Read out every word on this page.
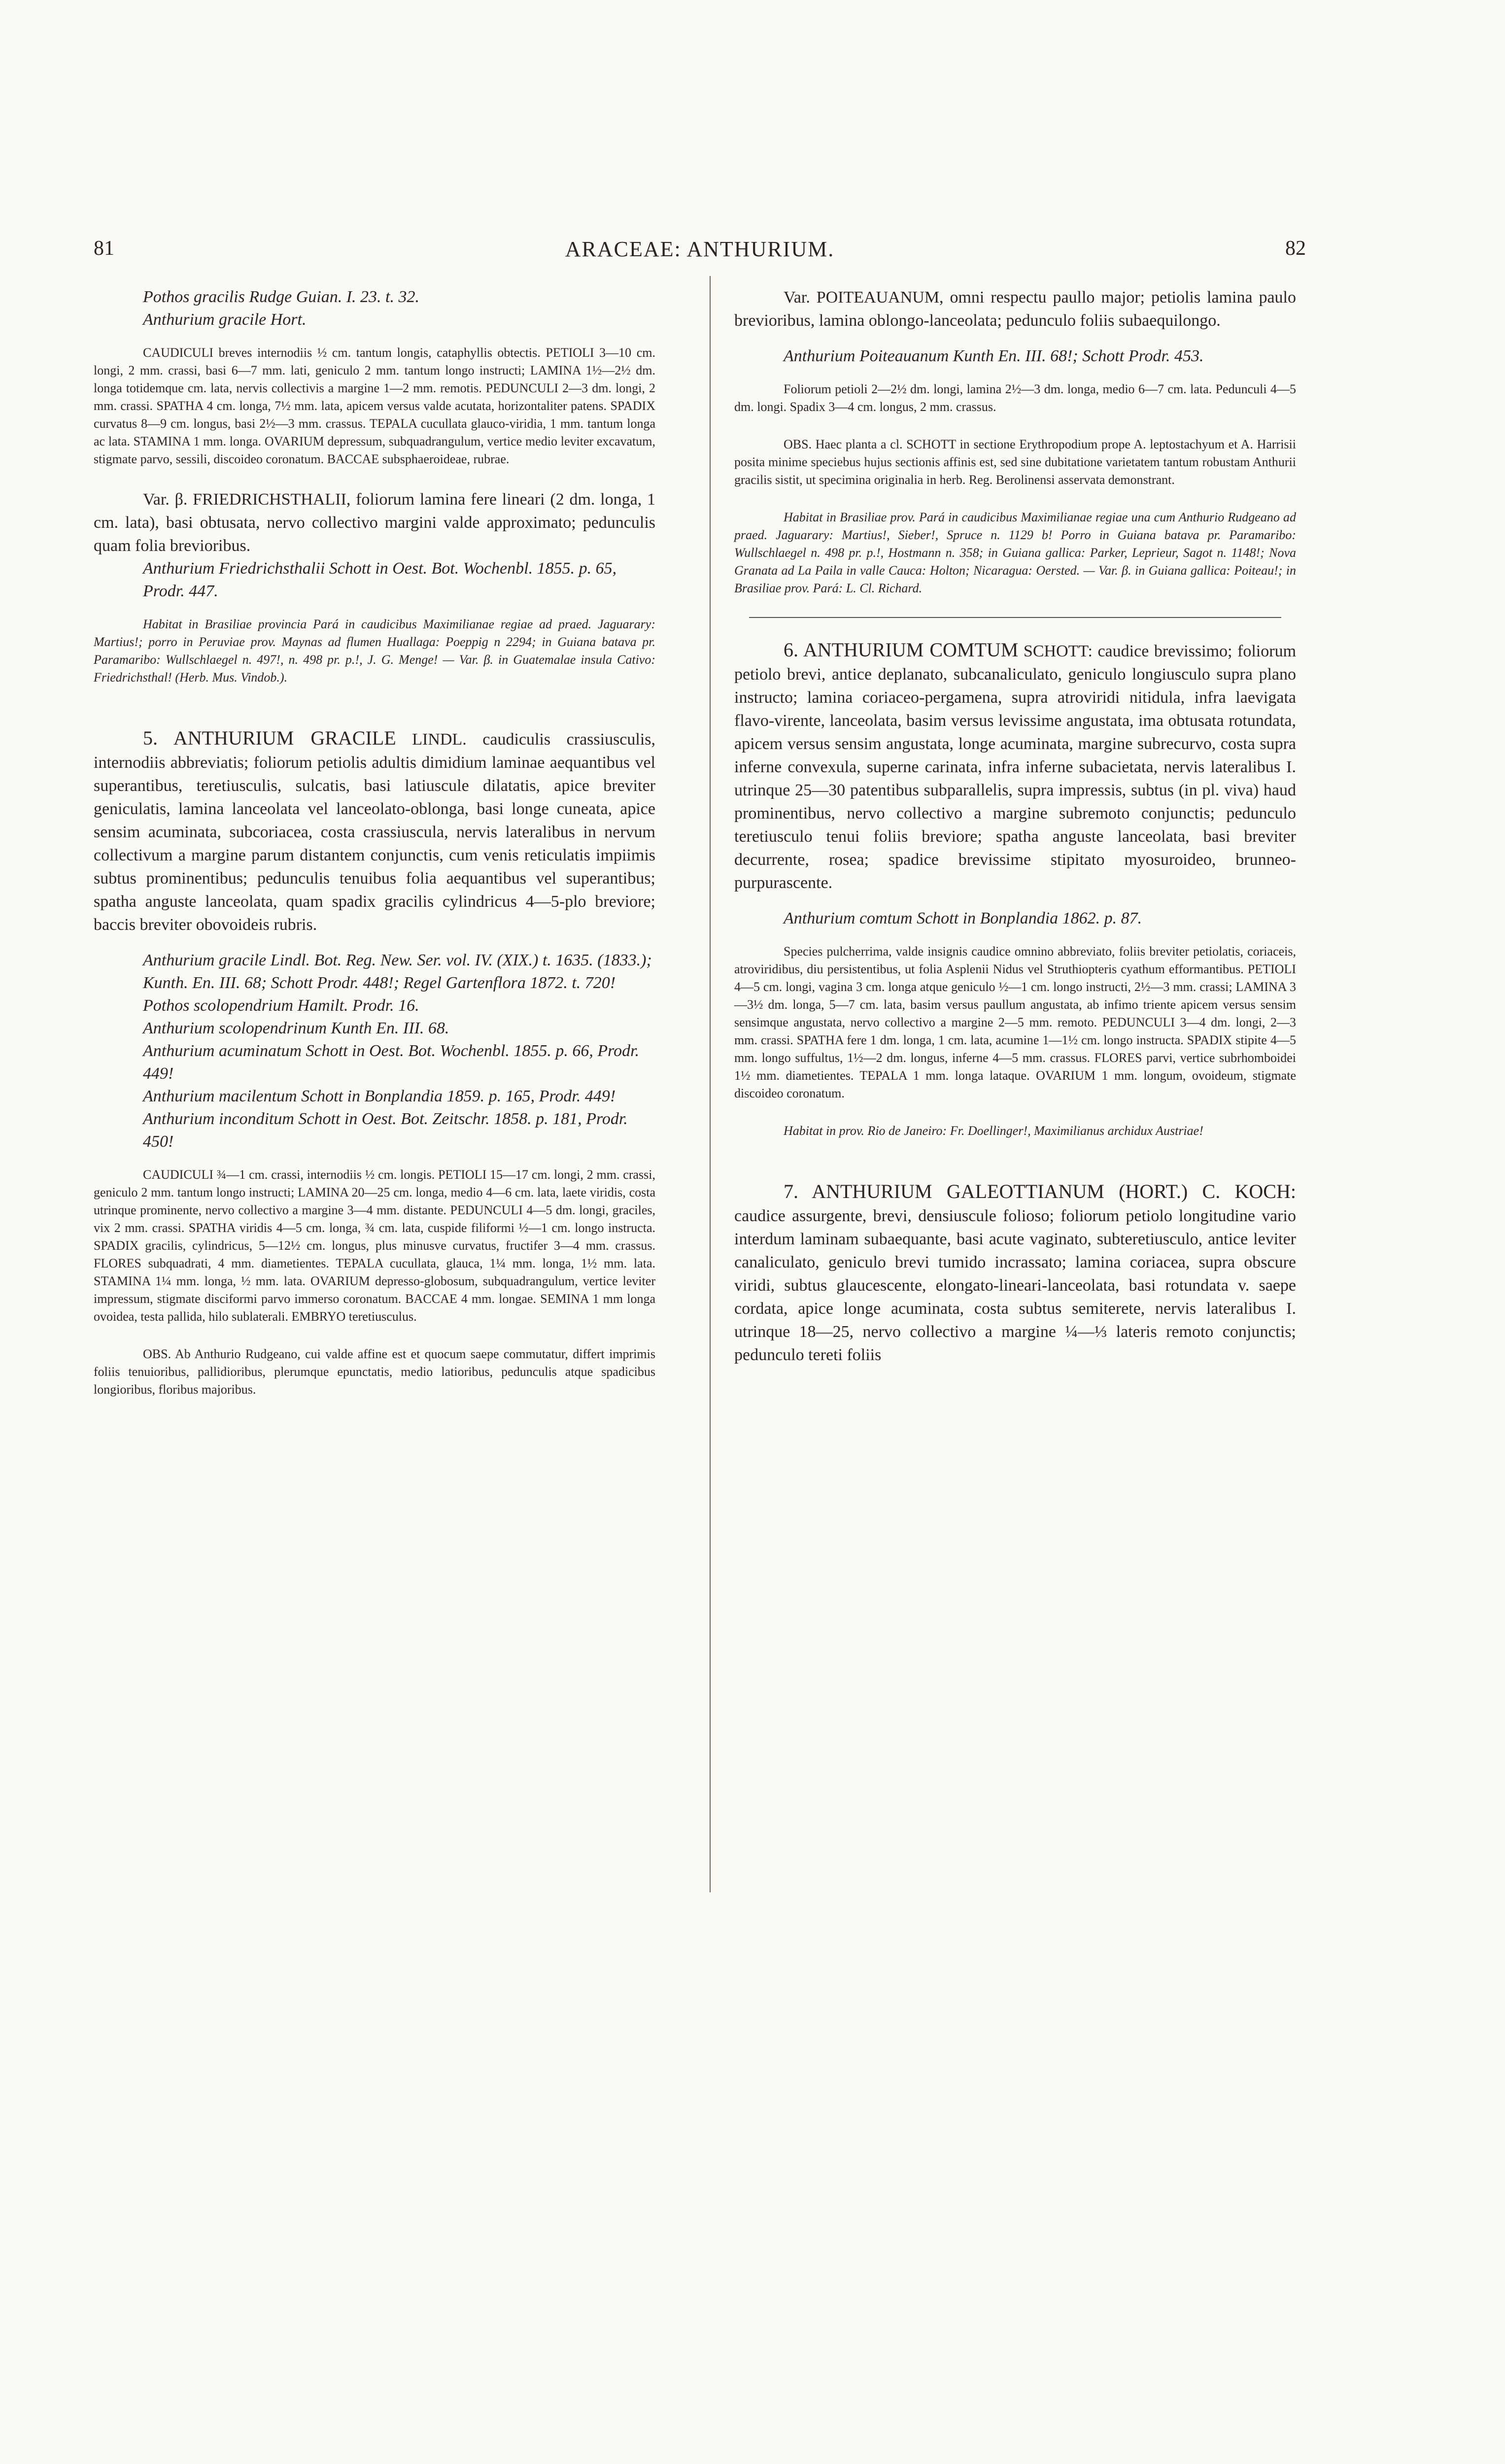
81	ARACEAE: ANTHURIUM.	82

Pothos gracilis Rudge Guian. I. 23. t. 32.

Anthurium gracile Hort.

CAUDICULI breves internodiis ½ cm. tantum longis, cataphyllis obtectis. PETIOLI 3—10 cm. longi, 2 mm. crassi, basi 6—7 mm. lati, geniculo 2 mm. tantum longo instructi; LAMINA 1½—2½ dm. longa totidemque cm. lata, nervis collectivis a margine 1—2 mm. remotis. PEDUNCULI 2—3 dm. longi, 2 mm. crassi. SPATHA 4 cm. longa, 7½ mm. lata, apicem versus valde acutata, horizontaliter patens. SPADIX curvatus 8—9 cm. longus, basi 2½—3 mm. crassus. TEPALA cucullata glauco-viridia, 1 mm. tantum longa ac lata. STAMINA 1 mm. longa. OVARIUM depressum, subquadrangulum, vertice medio leviter excavatum, stigmate parvo, sessili, discoideo coronatum. BACCAE subsphaeroideae, rubrae.

Var. β. FRIEDRICHSTHALII, foliorum lamina fere lineari (2 dm. longa, 1 cm. lata), basi obtusata, nervo collectivo margini valde approximato; pedunculis quam folia brevioribus.

Anthurium Friedrichsthalii Schott in Oest. Bot. Wochenbl. 1855. p. 65, Prodr. 447.

Habitat in Brasiliae provincia Pará in caudicibus Maximilianae regiae ad praed. Jaguarary: Martius!; porro in Peruviae prov. Maynas ad flumen Huallaga: Poeppig n 2294; in Guiana batava pr. Paramaribo: Wullschlaegel n. 497!, n. 498 pr. p.!, J. G. Menge! — Var. β. in Guatemalae insula Cativo: Friedrichsthal! (Herb. Mus. Vindob.).

5. ANTHURIUM GRACILE LINDL. caudiculis crassiusculis, internodiis abbreviatis; foliorum petiolis adultis dimidium laminae aequantibus vel superantibus, teretiusculis, sulcatis, basi latiuscule dilatatis, apice breviter geniculatis, lamina lanceolata vel lanceolato-oblonga, basi longe cuneata, apice sensim acuminata, subcoriacea, costa crassiuscula, nervis lateralibus in nervum collectivum a margine parum distantem conjunctis, cum venis reticulatis impiimis subtus prominentibus; pedunculis tenuibus folia aequantibus vel superantibus; spatha anguste lanceolata, quam spadix gracilis cylindricus 4—5-plo breviore; baccis breviter obovoideis rubris.

Anthurium gracile Lindl. Bot. Reg. New. Ser. vol. IV. (XIX.) t. 1635. (1833.); Kunth. En. III. 68; Schott Prodr. 448!; Regel Gartenflora 1872. t. 720!

Pothos scolopendrium Hamilt. Prodr. 16.

Anthurium scolopendrinum Kunth En. III. 68.

Anthurium acuminatum Schott in Oest. Bot. Wochenbl. 1855. p. 66, Prodr. 449!

Anthurium macilentum Schott in Bonplandia 1859. p. 165, Prodr. 449!

Anthurium inconditum Schott in Oest. Bot. Zeitschr. 1858. p. 181, Prodr. 450!

CAUDICULI ¾—1 cm. crassi, internodiis ½ cm. longis. PETIOLI 15—17 cm. longi, 2 mm. crassi, geniculo 2 mm. tantum longo instructi; LAMINA 20—25 cm. longa, medio 4—6 cm. lata, laete viridis, costa utrinque prominente, nervo collectivo a margine 3—4 mm. distante. PEDUNCULI 4—5 dm. longi, graciles, vix 2 mm. crassi. SPATHA viridis 4—5 cm. longa, ¾ cm. lata, cuspide filiformi ½—1 cm. longo instructa. SPADIX gracilis, cylindricus, 5—12½ cm. longus, plus minusve curvatus, fructifer 3—4 mm. crassus. FLORES subquadrati, 4 mm. diametientes. TEPALA cucullata, glauca, 1¼ mm. longa, 1½ mm. lata. STAMINA 1¼ mm. longa, ½ mm. lata. OVARIUM depresso-globosum, subquadrangulum, vertice leviter impressum, stigmate disciformi parvo immerso coronatum. BACCAE 4 mm. longae. SEMINA 1 mm longa ovoidea, testa pallida, hilo sublaterali. EMBRYO teretiusculus.

OBS. Ab Anthurio Rudgeano, cui valde affine est et quocum saepe commutatur, differt imprimis foliis tenuioribus, pallidioribus, plerumque epunctatis, medio latioribus, pedunculis atque spadicibus longioribus, floribus majoribus.

Var. POITEAUANUM, omni respectu paullo major; petiolis lamina paulo brevioribus, lamina oblongo-lanceolata; pedunculo foliis subaequilongo.

Anthurium Poiteauanum Kunth En. III. 68!; Schott Prodr. 453.

Foliorum petioli 2—2½ dm. longi, lamina 2½—3 dm. longa, medio 6—7 cm. lata. Pedunculi 4—5 dm. longi. Spadix 3—4 cm. longus, 2 mm. crassus.

OBS. Haec planta a cl. SCHOTT in sectione Erythropodium prope A. leptostachyum et A. Harrisii posita minime speciebus hujus sectionis affinis est, sed sine dubitatione varietatem tantum robustam Anthurii gracilis sistit, ut specimina originalia in herb. Reg. Berolinensi asservata demonstrant.

Habitat in Brasiliae prov. Pará in caudicibus Maximilianae regiae una cum Anthurio Rudgeano ad praed. Jaguarary: Martius!, Sieber!, Spruce n. 1129 b! Porro in Guiana batava pr. Paramaribo: Wullschlaegel n. 498 pr. p.!, Hostmann n. 358; in Guiana gallica: Parker, Leprieur, Sagot n. 1148!; Nova Granata ad La Paila in valle Cauca: Holton; Nicaragua: Oersted. — Var. β. in Guiana gallica: Poiteau!; in Brasiliae prov. Pará: L. Cl. Richard.

6. ANTHURIUM COMTUM SCHOTT: caudice brevissimo; foliorum petiolo brevi, antice deplanato, subcanaliculato, geniculo longiusculo supra plano instructo; lamina coriaceo-pergamena, supra atroviridi nitidula, infra laevigata flavo-virente, lanceolata, basim versus levissime angustata, ima obtusata rotundata, apicem versus sensim angustata, longe acuminata, margine subrecurvo, costa supra inferne convexula, superne carinata, infra inferne subacietata, nervis lateralibus I. utrinque 25—30 patentibus subparallelis, supra impressis, subtus (in pl. viva) haud prominentibus, nervo collectivo a margine subremoto conjunctis; pedunculo teretiusculo tenui foliis breviore; spatha anguste lanceolata, basi breviter decurrente, rosea; spadice brevissime stipitato myosuroideo, brunneo-purpurascente.

Anthurium comtum Schott in Bonplandia 1862. p. 87.

Species pulcherrima, valde insignis caudice omnino abbreviato, foliis breviter petiolatis, coriaceis, atroviridibus, diu persistentibus, ut folia Asplenii Nidus vel Struthiopteris cyathum efformantibus. PETIOLI 4—5 cm. longi, vagina 3 cm. longa atque geniculo ½—1 cm. longo instructi, 2½—3 mm. crassi; LAMINA 3—3½ dm. longa, 5—7 cm. lata, basim versus paullum angustata, ab infimo triente apicem versus sensim sensimque angustata, nervo collectivo a margine 2—5 mm. remoto. PEDUNCULI 3—4 dm. longi, 2—3 mm. crassi. SPATHA fere 1 dm. longa, 1 cm. lata, acumine 1—1½ cm. longo instructa. SPADIX stipite 4—5 mm. longo suffultus, 1½—2 dm. longus, inferne 4—5 mm. crassus. FLORES parvi, vertice subrhomboidei 1½ mm. diametientes. TEPALA 1 mm. longa lataque. OVARIUM 1 mm. longum, ovoideum, stigmate discoideo coronatum.

Habitat in prov. Rio de Janeiro: Fr. Doellinger!, Maximilianus archidux Austriae!

7. ANTHURIUM GALEOTTIANUM (HORT.) C. KOCH: caudice assurgente, brevi, densiuscule folioso; foliorum petiolo longitudine vario interdum laminam subaequante, basi acute vaginato, subteretiusculo, antice leviter canaliculato, geniculo brevi tumido incrassato; lamina coriacea, supra obscure viridi, subtus glaucescente, elongato-lineari-lanceolata, basi rotundata v. saepe cordata, apice longe acuminata, costa subtus semiterete, nervis lateralibus I. utrinque 18—25, nervo collectivo a margine ¼—⅓ lateris remoto conjunctis; pedunculo tereti foliis
